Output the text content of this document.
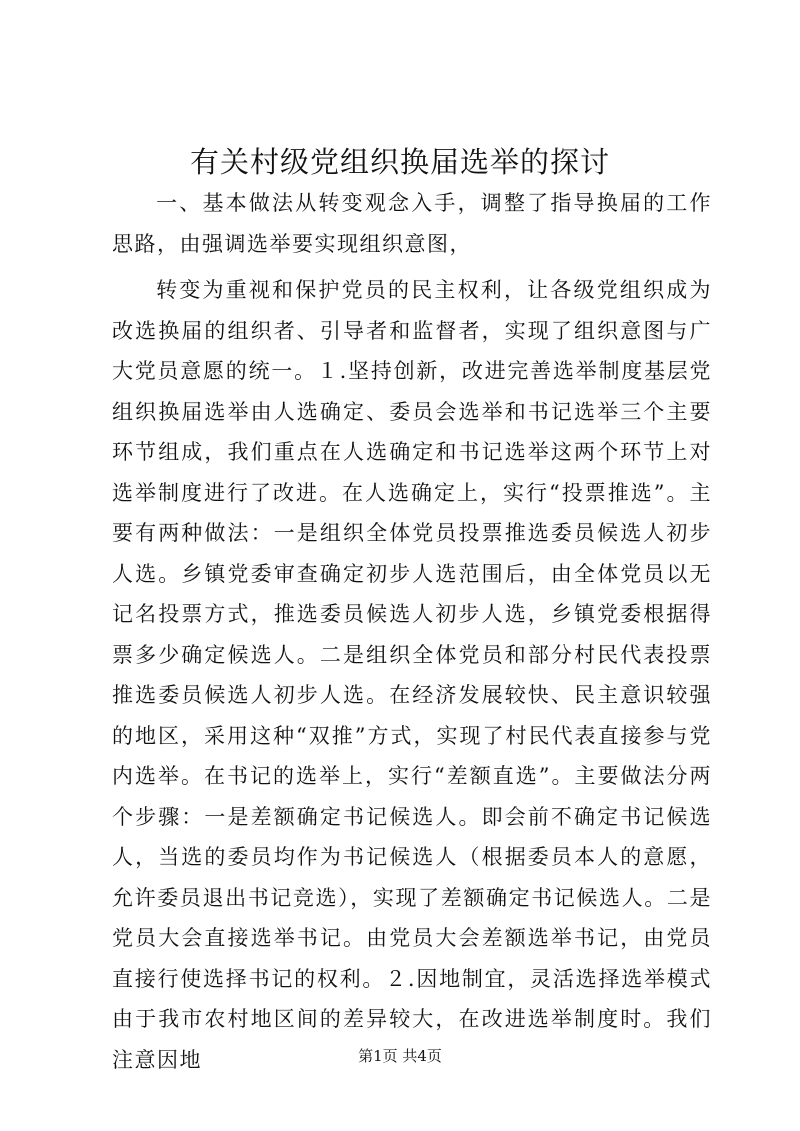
有关村级党组织换届选举的探讨

一、基本做法从转变观念入手，调整了指导换届的工作思路，由强调选举要实现组织意图，

转变为重视和保护党员的民主权利，让各级党组织成为改选换届的组织者、引导者和监督者，实现了组织意图与广大党员意愿的统一。１.坚持创新，改进完善选举制度基层党组织换届选举由人选确定、委员会选举和书记选举三个主要环节组成，我们重点在人选确定和书记选举这两个环节上对选举制度进行了改进。在人选确定上，实行“投票推选”。主要有两种做法：一是组织全体党员投票推选委员候选人初步人选。乡镇党委审查确定初步人选范围后，由全体党员以无记名投票方式，推选委员候选人初步人选，乡镇党委根据得票多少确定候选人。二是组织全体党员和部分村民代表投票推选委员候选人初步人选。在经济发展较快、民主意识较强的地区，采用这种“双推”方式，实现了村民代表直接参与党内选举。在书记的选举上，实行“差额直选”。主要做法分两个步骤：一是差额确定书记候选人。即会前不确定书记候选人，当选的委员均作为书记候选人（根据委员本人的意愿，允许委员退出书记竞选），实现了差额确定书记候选人。二是党员大会直接选举书记。由党员大会差额选举书记，由党员直接行使选择书记的权利。２.因地制宜，灵活选择选举模式由于我市农村地区间的差异较大，在改进选举制度时。我们注意因地	第1页 共4页
